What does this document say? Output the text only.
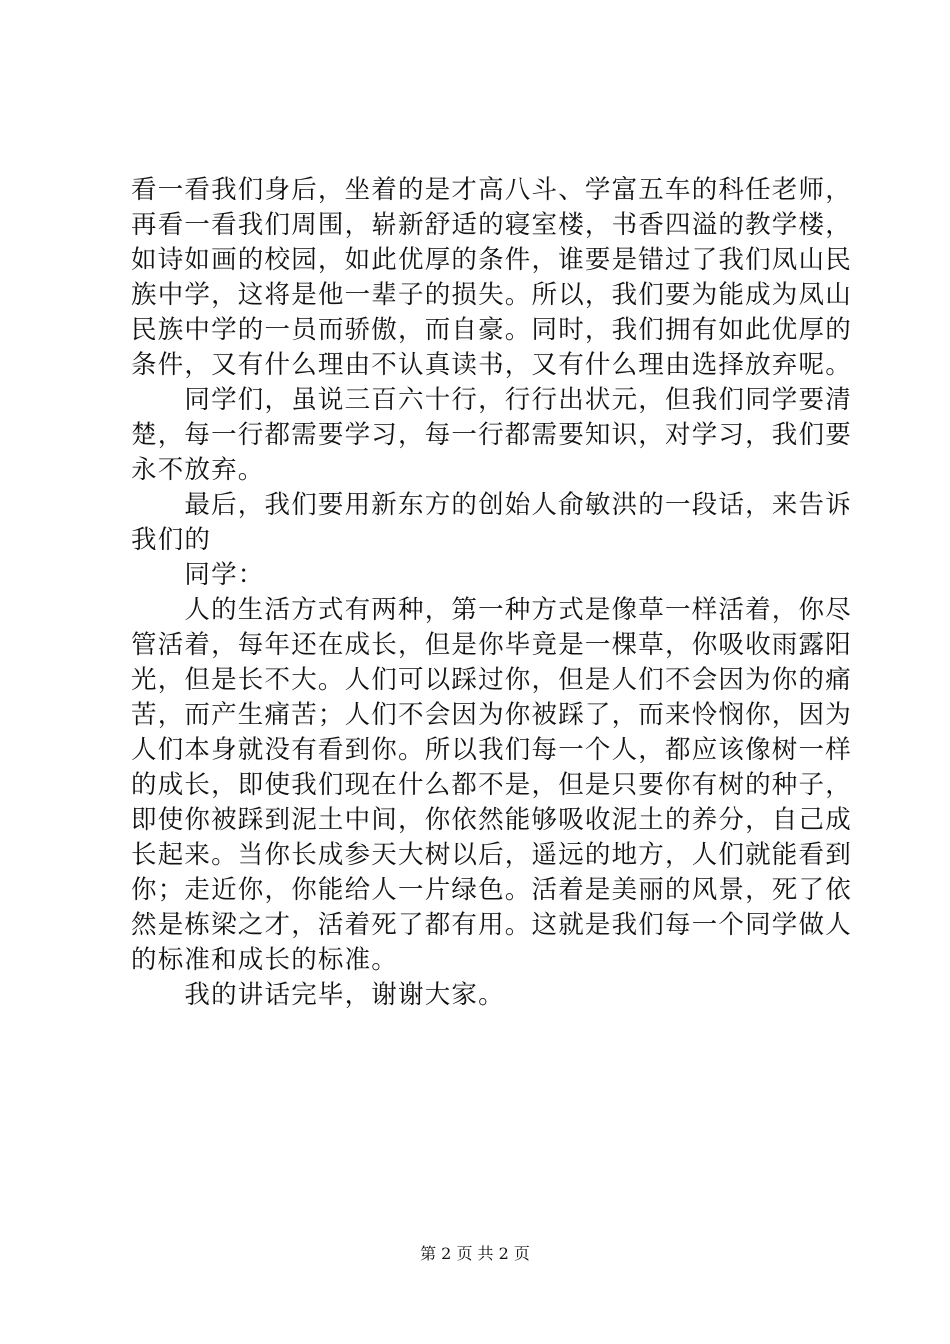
看一看我们身后，坐着的是才高八斗、学富五车的科任老师，
再看一看我们周围，崭新舒适的寝室楼，书香四溢的教学楼，
如诗如画的校园，如此优厚的条件，谁要是错过了我们凤山民
族中学，这将是他一辈子的损失。所以，我们要为能成为凤山
民族中学的一员而骄傲，而自豪。同时，我们拥有如此优厚的
条件，又有什么理由不认真读书，又有什么理由选择放弃呢。
　　同学们，虽说三百六十行，行行出状元，但我们同学要清
楚，每一行都需要学习，每一行都需要知识，对学习，我们要
永不放弃。
　　最后，我们要用新东方的创始人俞敏洪的一段话，来告诉
我们的
　　同学：
　　人的生活方式有两种，第一种方式是像草一样活着，你尽
管活着，每年还在成长，但是你毕竟是一棵草，你吸收雨露阳
光，但是长不大。人们可以踩过你，但是人们不会因为你的痛
苦，而产生痛苦；人们不会因为你被踩了，而来怜悯你，因为
人们本身就没有看到你。所以我们每一个人，都应该像树一样
的成长，即使我们现在什么都不是，但是只要你有树的种子，
即使你被踩到泥土中间，你依然能够吸收泥土的养分，自己成
长起来。当你长成参天大树以后，遥远的地方，人们就能看到
你；走近你，你能给人一片绿色。活着是美丽的风景，死了依
然是栋梁之才，活着死了都有用。这就是我们每一个同学做人
的标准和成长的标准。
　　我的讲话完毕，谢谢大家。
第 2 页 共 2 页
